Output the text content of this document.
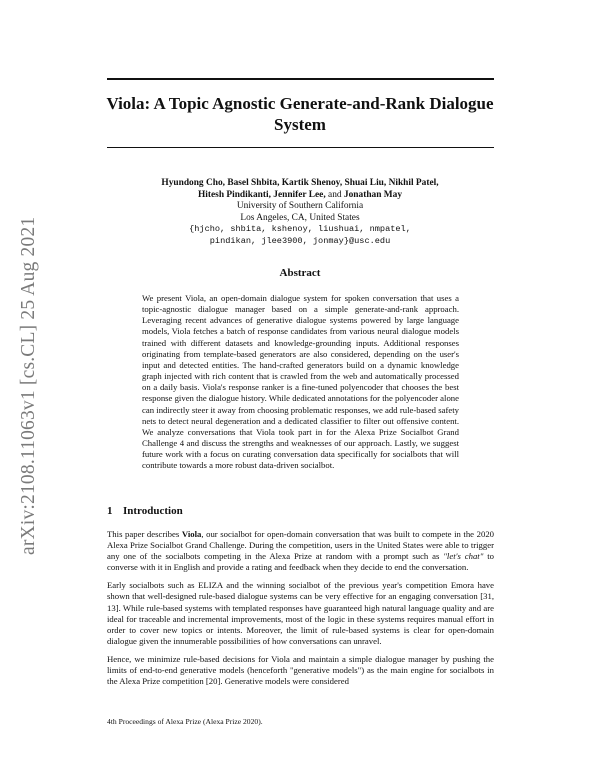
arXiv:2108.11063v1 [cs.CL] 25 Aug 2021
Viola: A Topic Agnostic Generate-and-Rank Dialogue
System
Hyundong Cho, Basel Shbita, Kartik Shenoy, Shuai Liu, Nikhil Patel,
Hitesh Pindikanti, Jennifer Lee, and Jonathan May
University of Southern California
Los Angeles, CA, United States
{hjcho, shbita, kshenoy, liushuai, nmpatel,
pindikan, jlee3900, jonmay}@usc.edu
Abstract
We present Viola, an open-domain dialogue system for spoken conversation that uses a topic-agnostic dialogue manager based on a simple generate-and-rank approach. Leveraging recent advances of generative dialogue systems powered by large language models, Viola fetches a batch of response candidates from various neural dialogue models trained with different datasets and knowledge-grounding inputs. Additional responses originating from template-based generators are also considered, depending on the user's input and detected entities. The hand-crafted generators build on a dynamic knowledge graph injected with rich content that is crawled from the web and automatically processed on a daily basis. Viola's response ranker is a fine-tuned polyencoder that chooses the best response given the dialogue history. While dedicated annotations for the polyencoder alone can indirectly steer it away from choosing problematic responses, we add rule-based safety nets to detect neural degeneration and a dedicated classifier to filter out offensive content. We analyze conversations that Viola took part in for the Alexa Prize Socialbot Grand Challenge 4 and discuss the strengths and weaknesses of our approach. Lastly, we suggest future work with a focus on curating conversation data specifically for socialbots that will contribute towards a more robust data-driven socialbot.
1 Introduction

This paper describes Viola, our socialbot for open-domain conversation that was built to compete in the 2020 Alexa Prize Socialbot Grand Challenge. During the competition, users in the United States were able to trigger any one of the socialbots competing in the Alexa Prize at random with a prompt such as "let's chat" to converse with it in English and provide a rating and feedback when they decide to end the conversation.

Early socialbots such as ELIZA and the winning socialbot of the previous year's competition Emora have shown that well-designed rule-based dialogue systems can be very effective for an engaging conversation [31, 13]. While rule-based systems with templated responses have guaranteed high natural language quality and are ideal for traceable and incremental improvements, most of the logic in these systems requires manual effort in order to cover new topics or intents. Moreover, the limit of rule-based systems is clear for open-domain dialogue given the innumerable possibilities of how conversations can unravel.

Hence, we minimize rule-based decisions for Viola and maintain a simple dialogue manager by pushing the limits of end-to-end generative models (henceforth "generative models") as the main engine for socialbots in the Alexa Prize competition [20]. Generative models were considered

4th Proceedings of Alexa Prize (Alexa Prize 2020).
